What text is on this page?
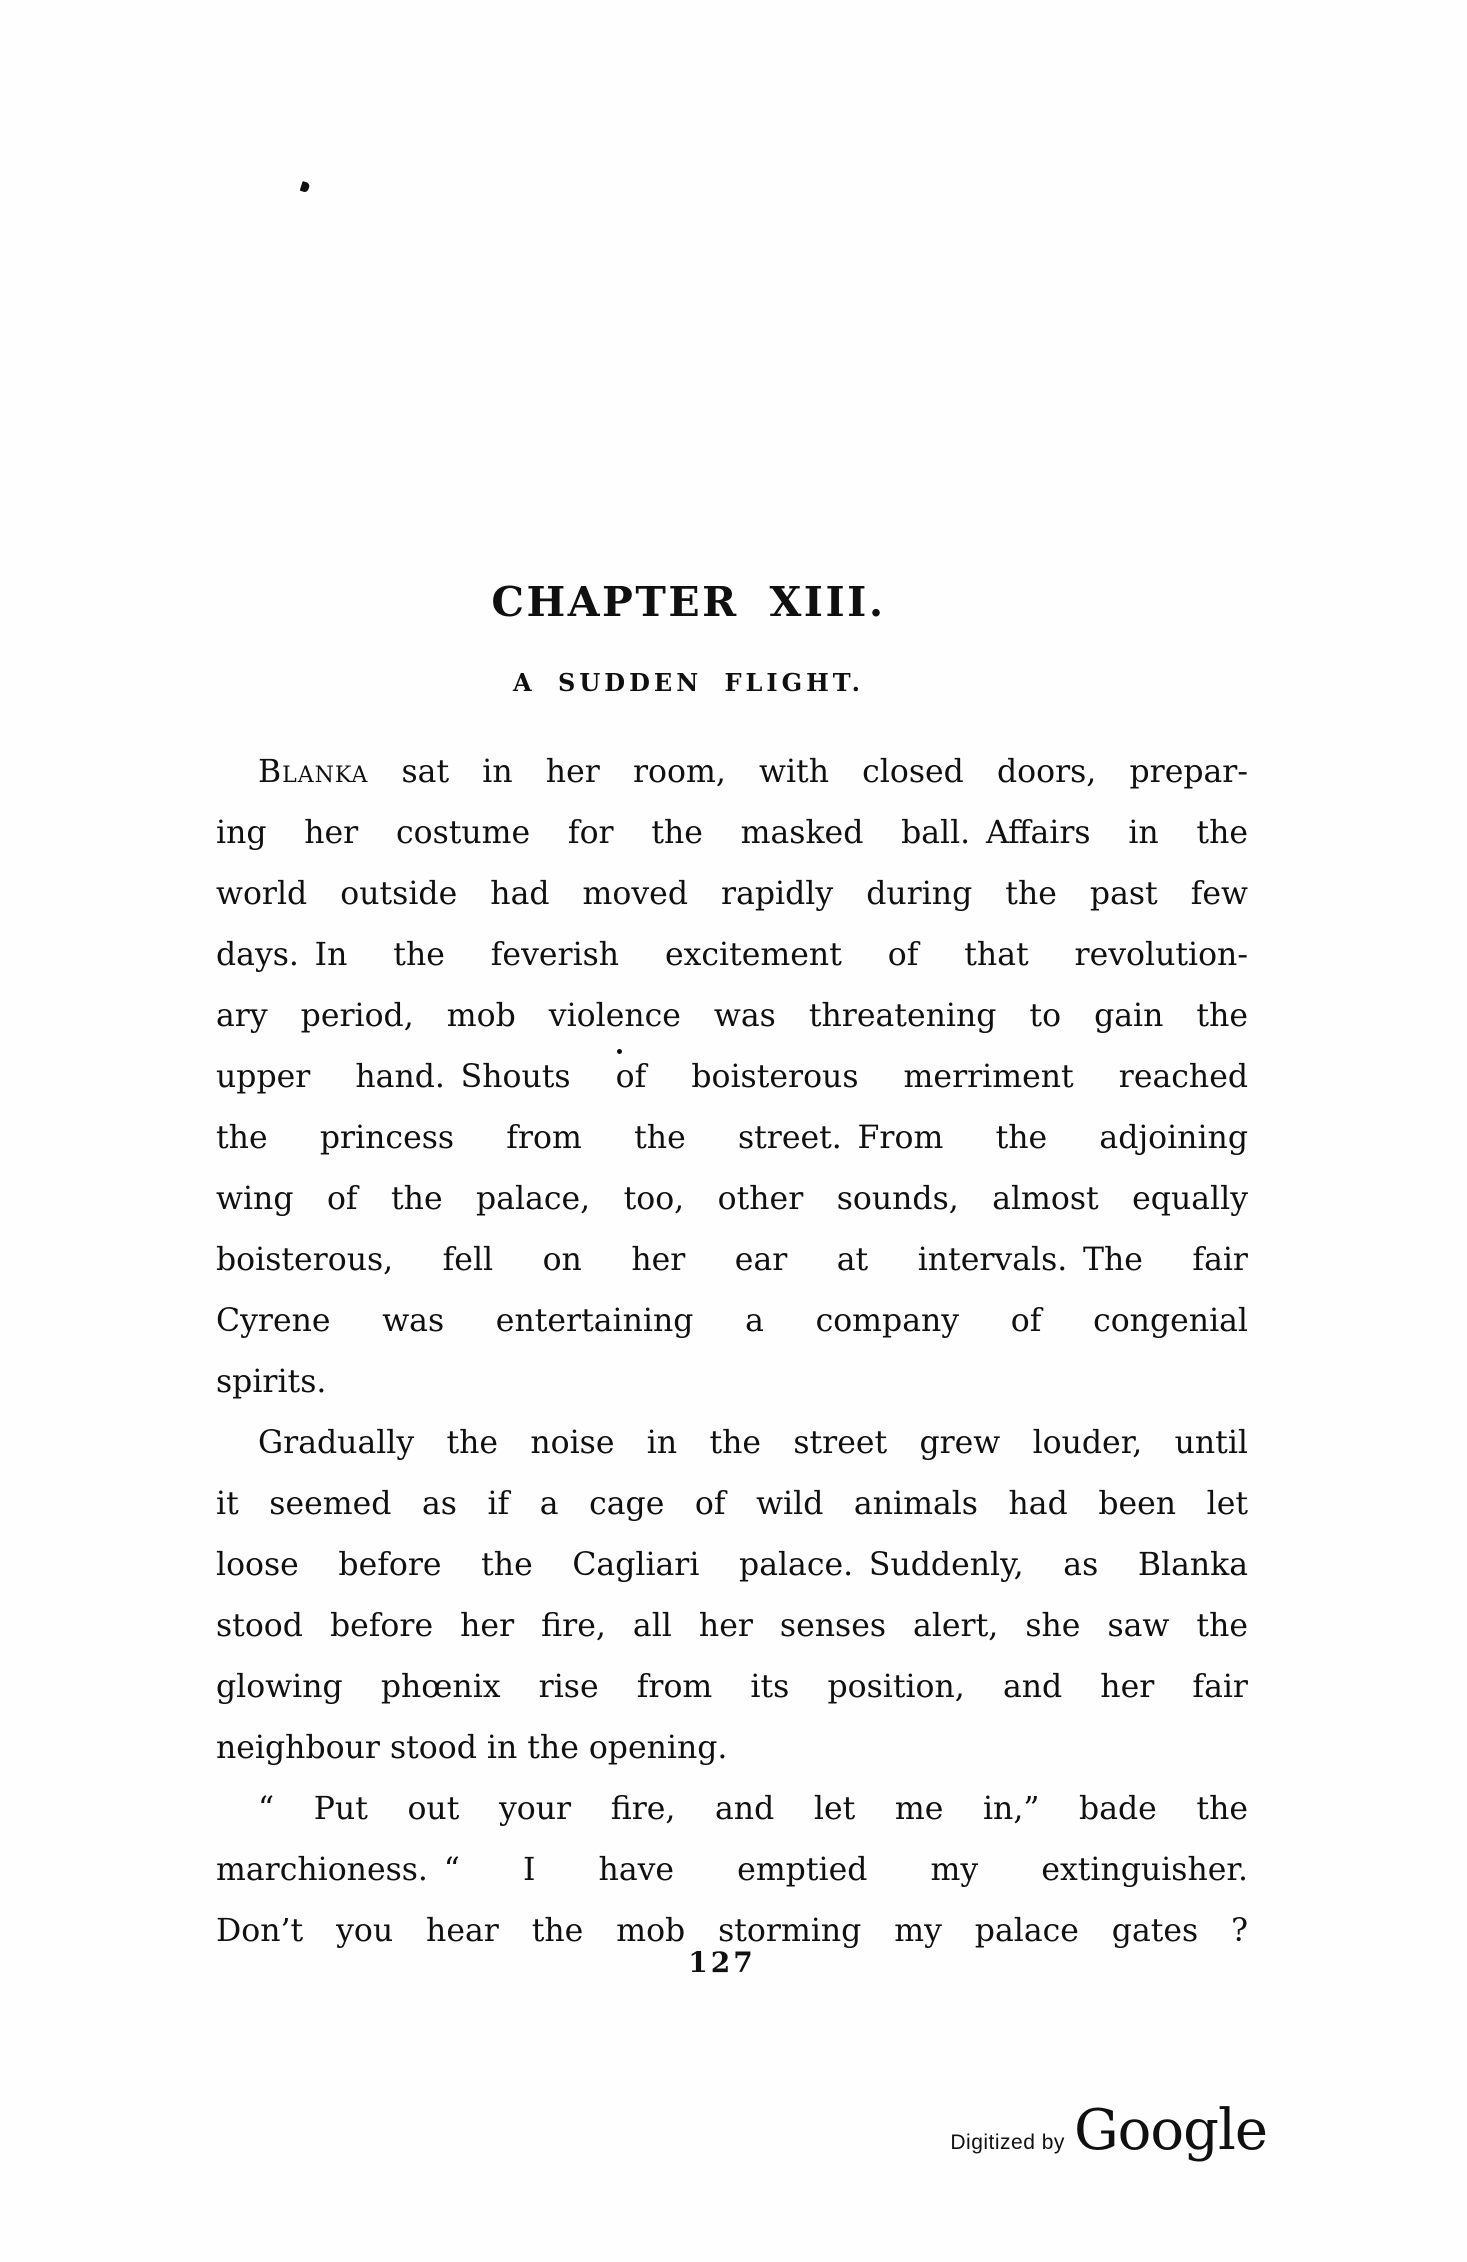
CHAPTER XIII.
A SUDDEN FLIGHT.
Blanka sat in her room, with closed doors, prepar-
ing her costume for the masked ball. Affairs in the
world outside had moved rapidly during the past few
days. In the feverish excitement of that revolution-
ary period, mob violence was threatening to gain the
upper hand. Shouts of boisterous merriment reached
the princess from the street. From the adjoining
wing of the palace, too, other sounds, almost equally
boisterous, fell on her ear at intervals. The fair
Cyrene was entertaining a company of congenial
spirits.
Gradually the noise in the street grew louder, until
it seemed as if a cage of wild animals had been let
loose before the Cagliari palace. Suddenly, as Blanka
stood before her fire, all her senses alert, she saw the
glowing phœnix rise from its position, and her fair
neighbour stood in the opening.
“ Put out your fire, and let me in,” bade the
marchioness. “ I have emptied my extinguisher.
Don’t you hear the mob storming my palace gates ?
127
Digitized by Google
